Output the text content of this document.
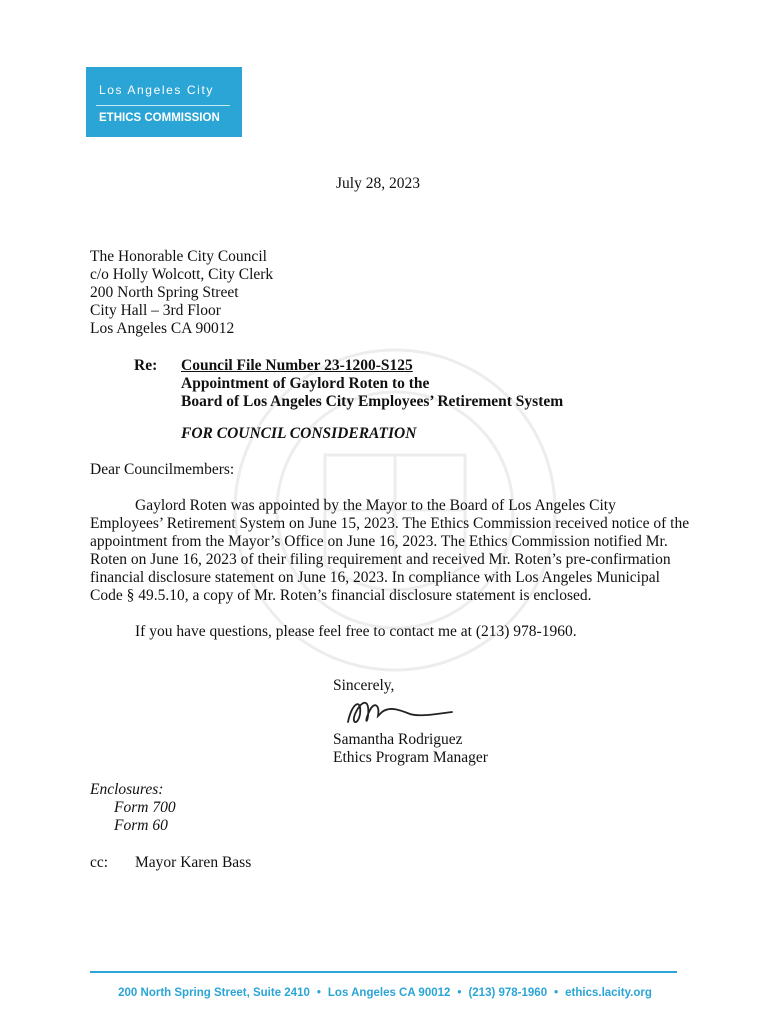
Los Angeles City
ETHICS COMMISSION
July 28, 2023
The Honorable City Council
c/o Holly Wolcott, City Clerk
200 North Spring Street
City Hall – 3rd Floor
Los Angeles CA 90012
Re: Council File Number 23-1200-S125
Appointment of Gaylord Roten to the
Board of Los Angeles City Employees’ Retirement System
FOR COUNCIL CONSIDERATION
Dear Councilmembers:
Gaylord Roten was appointed by the Mayor to the Board of Los Angeles City
Employees’ Retirement System on June 15, 2023. The Ethics Commission received notice of the
appointment from the Mayor’s Office on June 16, 2023. The Ethics Commission notified Mr.
Roten on June 16, 2023 of their filing requirement and received Mr. Roten’s pre-confirmation
financial disclosure statement on June 16, 2023. In compliance with Los Angeles Municipal
Code § 49.5.10, a copy of Mr. Roten’s financial disclosure statement is enclosed.
If you have questions, please feel free to contact me at (213) 978-1960.
Sincerely,
Samantha Rodriguez
Ethics Program Manager
Enclosures:
Form 700
Form 60
cc: Mayor Karen Bass
200 North Spring Street, Suite 2410 • Los Angeles CA 90012 • (213) 978-1960 • ethics.lacity.org
